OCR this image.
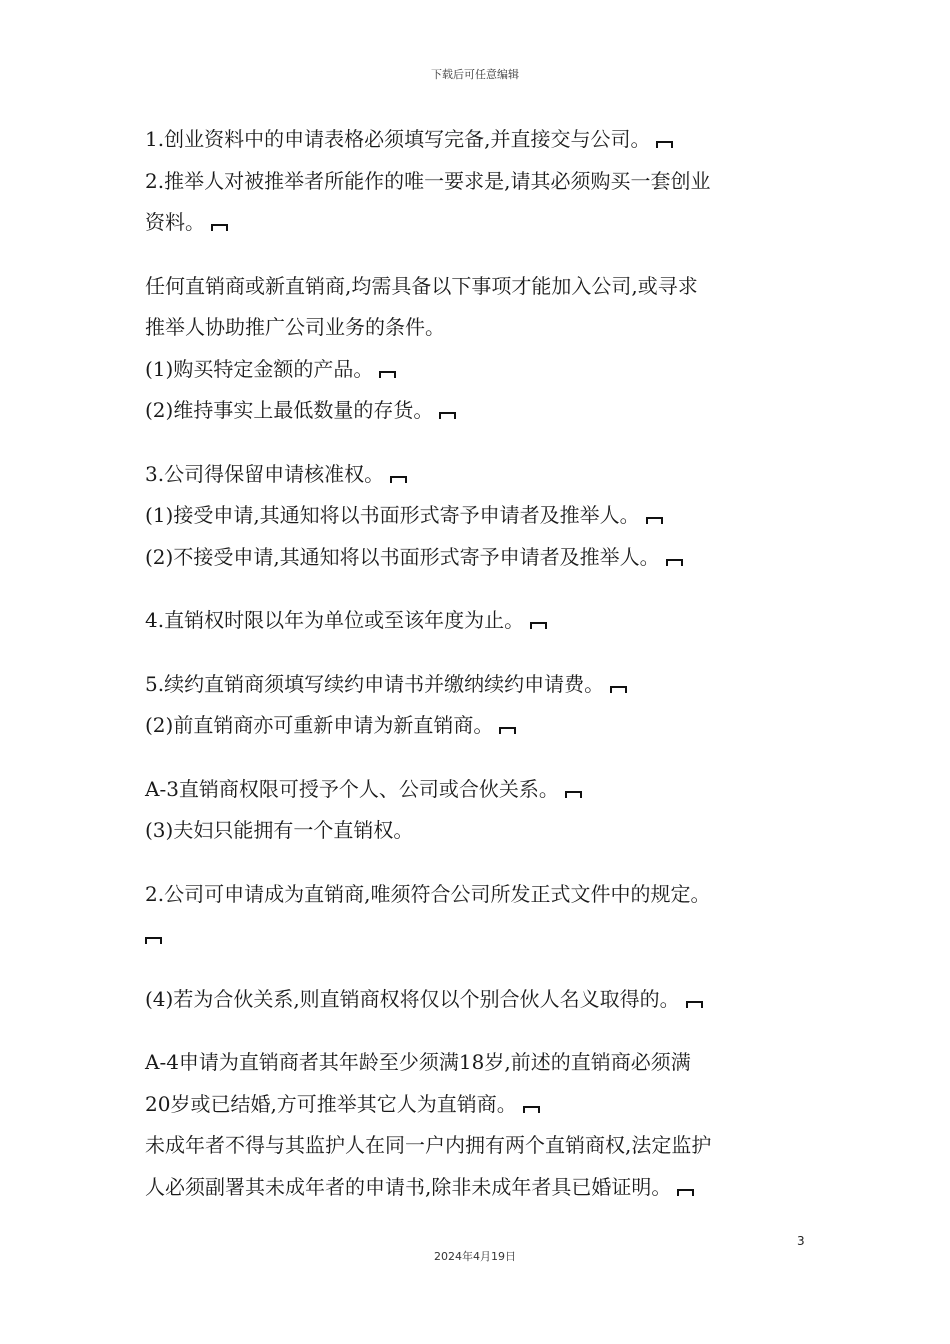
下载后可任意编辑
1.创业资料中的申请表格必须填写完备,并直接交与公司。
2.推举人对被推举者所能作的唯一要求是,请其必须购买一套创业
资料。
任何直销商或新直销商,均需具备以下事项才能加入公司,或寻求
推举人协助推广公司业务的条件。
(1)购买特定金额的产品。
(2)维持事实上最低数量的存货。
3.公司得保留申请核准权。
(1)接受申请,其通知将以书面形式寄予申请者及推举人。
(2)不接受申请,其通知将以书面形式寄予申请者及推举人。
4.直销权时限以年为单位或至该年度为止。
5.续约直销商须填写续约申请书并缴纳续约申请费。
(2)前直销商亦可重新申请为新直销商。
A-3直销商权限可授予个人、公司或合伙关系。
(3)夫妇只能拥有一个直销权。
2.公司可申请成为直销商,唯须符合公司所发正式文件中的规定。
(4)若为合伙关系,则直销商权将仅以个别合伙人名义取得的。
A-4申请为直销商者其年龄至少须满18岁,前述的直销商必须满
20岁或已结婚,方可推举其它人为直销商。
未成年者不得与其监护人在同一户内拥有两个直销商权,法定监护
人必须副署其未成年者的申请书,除非未成年者具已婚证明。
3
2024年4月19日
